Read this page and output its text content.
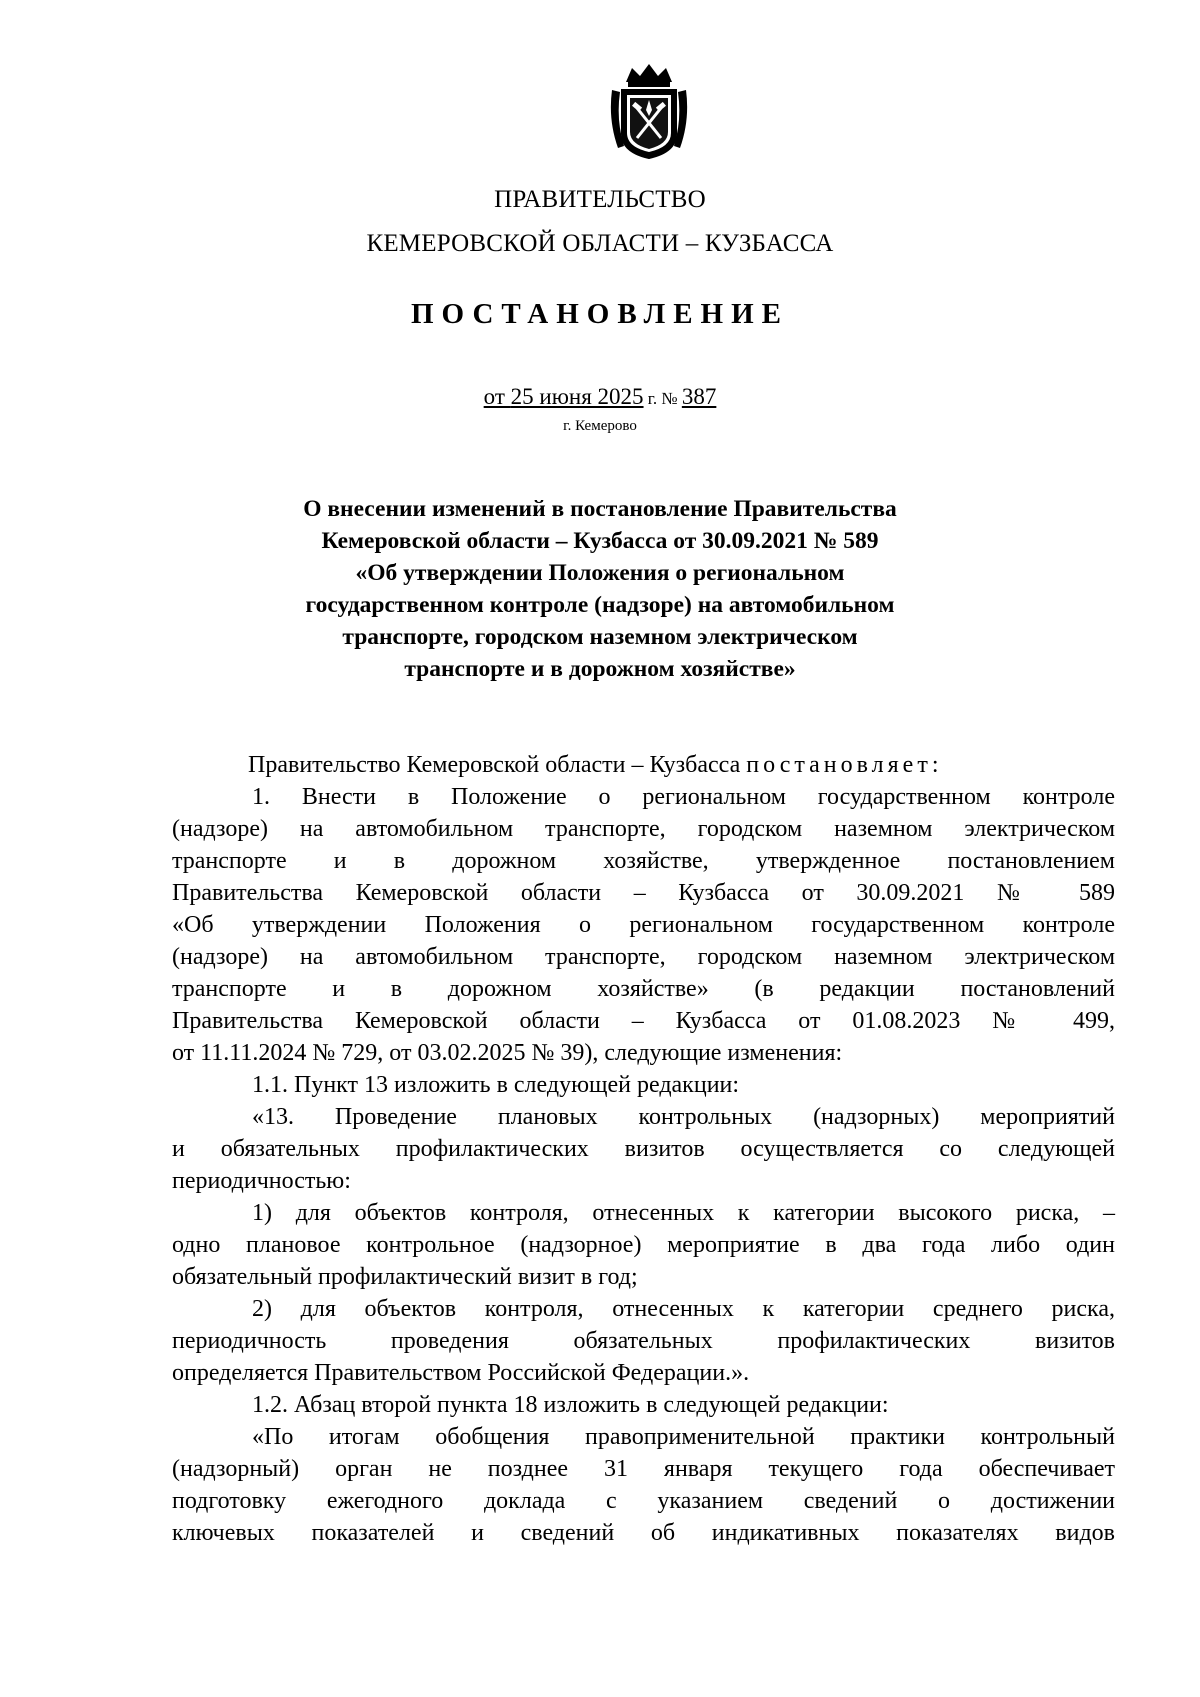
ПРАВИТЕЛЬСТВО
КЕМЕРОВСКОЙ ОБЛАСТИ – КУЗБАССА
ПОСТАНОВЛЕНИЕ
от 25 июня 2025 г. № 387
г. Кемерово
О внесении изменений в постановление Правительства
Кемеровской области – Кузбасса от 30.09.2021 № 589
«Об утверждении Положения о региональном
государственном контроле (надзоре) на автомобильном
транспорте, городском наземном электрическом
транспорте и в дорожном хозяйстве»
Правительство Кемеровской области – Кузбасса постановляет:
1. Внести в Положение о региональном государственном контроле
(надзоре) на автомобильном транспорте, городском наземном электрическом
транспорте и в дорожном хозяйстве, утвержденное постановлением
Правительства Кемеровской области – Кузбасса от 30.09.2021 № 589
«Об утверждении Положения о региональном государственном контроле
(надзоре) на автомобильном транспорте, городском наземном электрическом
транспорте и в дорожном хозяйстве» (в редакции постановлений
Правительства Кемеровской области – Кузбасса от 01.08.2023 № 499,
от 11.11.2024 № 729, от 03.02.2025 № 39), следующие изменения:
1.1. Пункт 13 изложить в следующей редакции:
«13. Проведение плановых контрольных (надзорных) мероприятий
и обязательных профилактических визитов осуществляется со следующей
периодичностью:
1) для объектов контроля, отнесенных к категории высокого риска, –
одно плановое контрольное (надзорное) мероприятие в два года либо один
обязательный профилактический визит в год;
2) для объектов контроля, отнесенных к категории среднего риска,
периодичность проведения обязательных профилактических визитов
определяется Правительством Российской Федерации.».
1.2. Абзац второй пункта 18 изложить в следующей редакции:
«По итогам обобщения правоприменительной практики контрольный
(надзорный) орган не позднее 31 января текущего года обеспечивает
подготовку ежегодного доклада с указанием сведений о достижении
ключевых показателей и сведений об индикативных показателях видов
